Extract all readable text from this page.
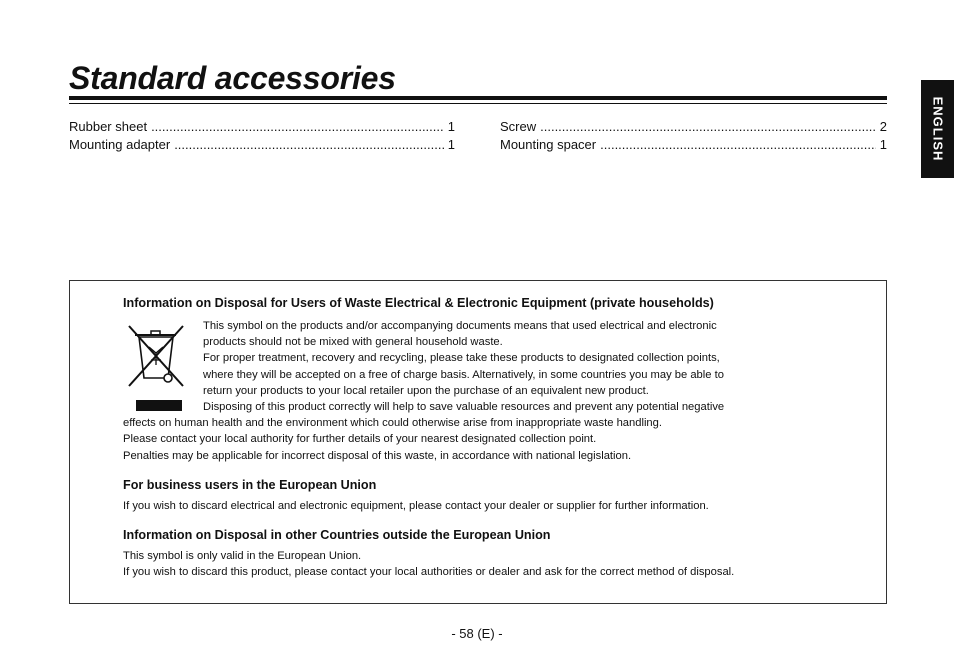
Standard accessories
ENGLISH
Rubber sheet .....	1
Mounting adapter .....	1
Screw .....	2
Mounting spacer .....	1

Information on Disposal for Users of Waste Electrical & Electronic Equipment (private households)

This symbol on the products and/or accompanying documents means that used electrical and electronic

products should not be mixed with general household waste.

For proper treatment, recovery and recycling, please take these products to designated collection points,

where they will be accepted on a free of charge basis. Alternatively, in some countries you may be able to

return your products to your local retailer upon the purchase of an equivalent new product.

Disposing of this product correctly will help to save valuable resources and prevent any potential negative

effects on human health and the environment which could otherwise arise from inappropriate waste handling.

Please contact your local authority for further details of your nearest designated collection point.

Penalties may be applicable for incorrect disposal of this waste, in accordance with national legislation.

For business users in the European Union

If you wish to discard electrical and electronic equipment, please contact your dealer or supplier for further information.

Information on Disposal in other Countries outside the European Union

This symbol is only valid in the European Union.

If you wish to discard this product, please contact your local authorities or dealer and ask for the correct method of disposal.

- 58 (E) -
